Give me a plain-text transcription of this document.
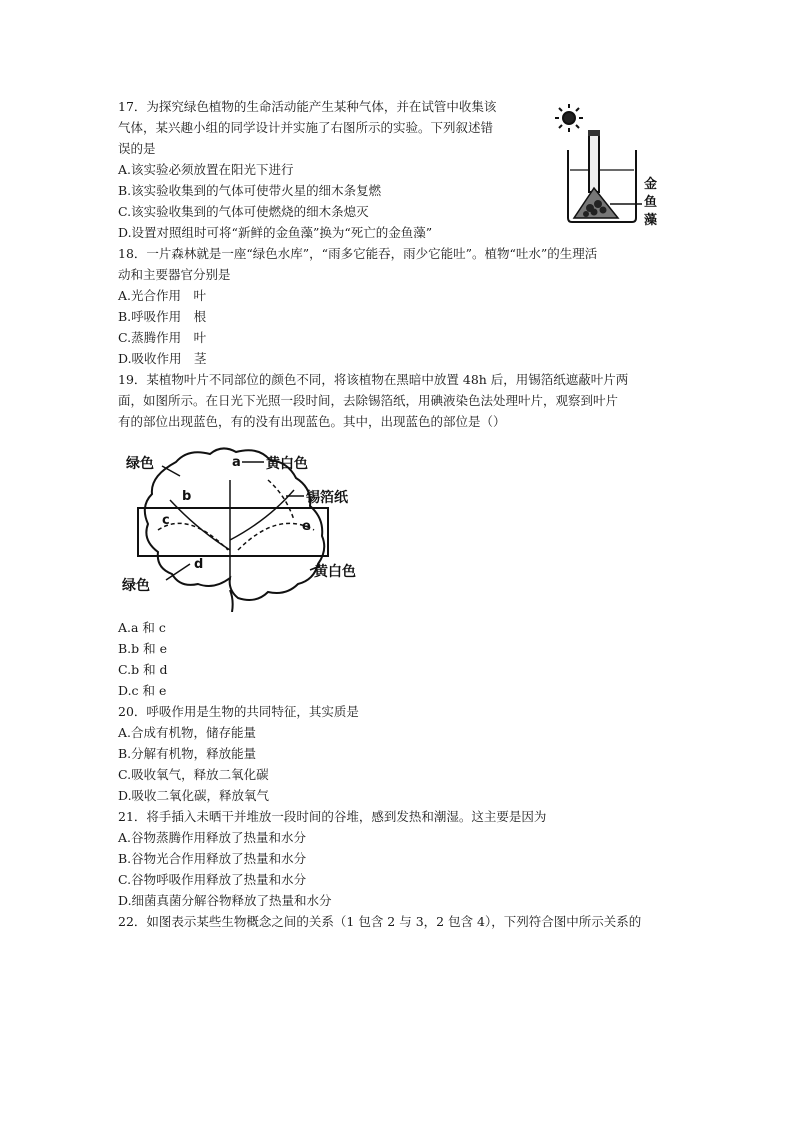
17．为探究绿色植物的生命活动能产生某种气体，并在试管中收集该
气体，某兴趣小组的同学设计并实施了右图所示的实验。下列叙述错
误的是
A.该实验必须放置在阳光下进行
B.该实验收集到的气体可使带火星的细木条复燃
C.该实验收集到的气体可使燃烧的细木条熄灭
D.设置对照组时可将“新鲜的金鱼藻”换为“死亡的金鱼藻”
金
鱼
藻
18．一片森林就是一座“绿色水库”，“雨多它能吞，雨少它能吐”。植物“吐水”的生理活
动和主要器官分别是
A.光合作用　叶
B.呼吸作用　根
C.蒸腾作用　叶
D.吸收作用　茎
19．某植物叶片不同部位的颜色不同，将该植物在黑暗中放置 48h 后，用锡箔纸遮蔽叶片两
面，如图所示。在日光下光照一段时间，去除锡箔纸，用碘液染色法处理叶片，观察到叶片
有的部位出现蓝色，有的没有出现蓝色。其中，出现蓝色的部位是（）
绿色	a 黄白色
b	锡箔纸
c	e
d
绿色
黄白色
A.a 和 c
B.b 和 e
C.b 和 d
D.c 和 e
20．呼吸作用是生物的共同特征，其实质是
A.合成有机物，储存能量
B.分解有机物，释放能量
C.吸收氧气，释放二氧化碳
D.吸收二氧化碳，释放氧气
21．将手插入未晒干并堆放一段时间的谷堆，感到发热和潮湿。这主要是因为
A.谷物蒸腾作用释放了热量和水分
B.谷物光合作用释放了热量和水分
C.谷物呼吸作用释放了热量和水分
D.细菌真菌分解谷物释放了热量和水分
22．如图表示某些生物概念之间的关系（1 包含 2 与 3，2 包含 4），下列符合图中所示关系的
